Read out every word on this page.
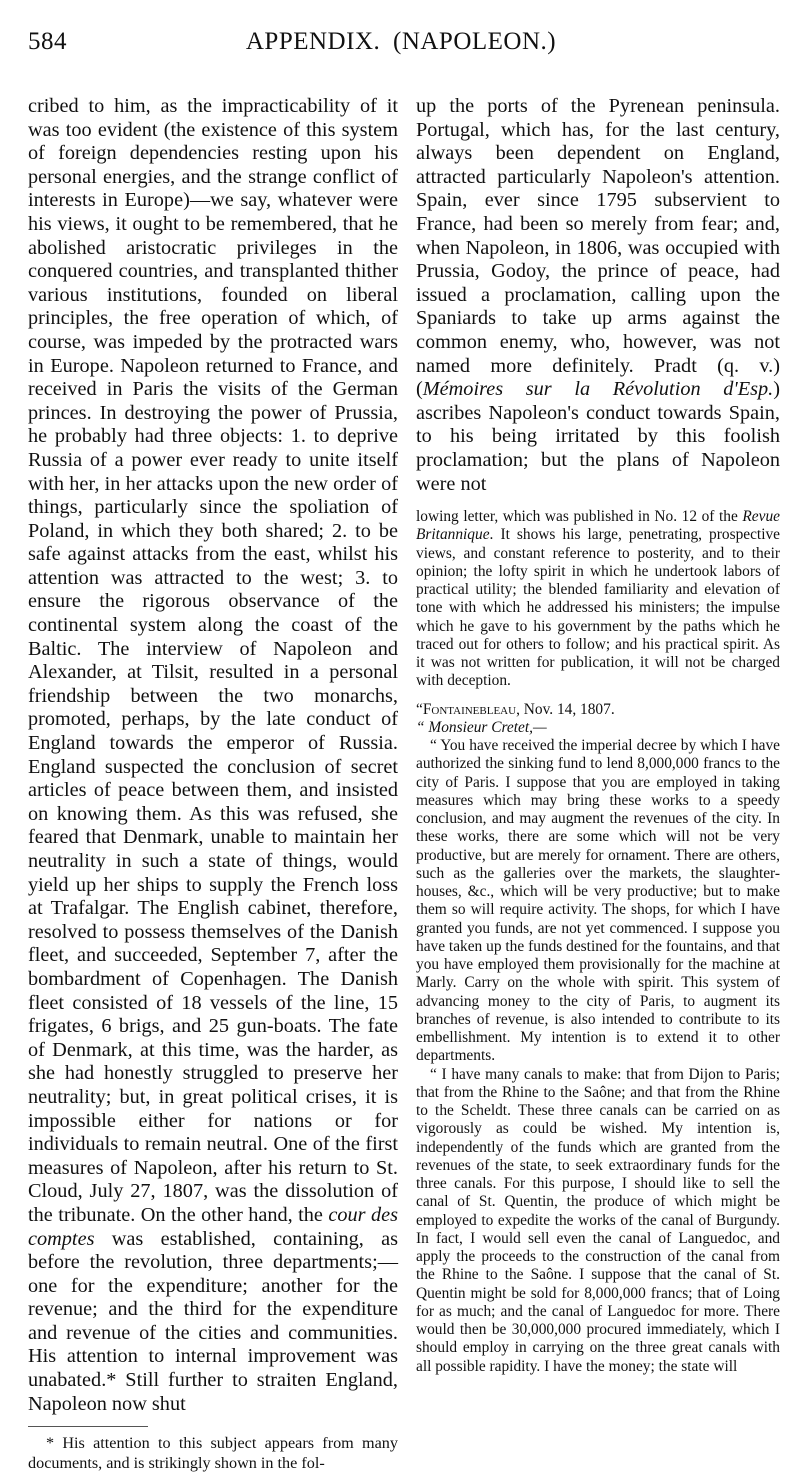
584	APPENDIX. (NAPOLEON.)

cribed to him, as the impracticability of it was too evident (the existence of this system of foreign dependencies resting upon his personal energies, and the strange conflict of interests in Europe)—we say, whatever were his views, it ought to be remembered, that he abolished aristocratic privileges in the conquered countries, and transplanted thither various institutions, founded on liberal principles, the free operation of which, of course, was impeded by the protracted wars in Europe. Napoleon returned to France, and received in Paris the visits of the German princes. In destroying the power of Prussia, he probably had three objects: 1. to deprive Russia of a power ever ready to unite itself with her, in her attacks upon the new order of things, particularly since the spoliation of Poland, in which they both shared; 2. to be safe against attacks from the east, whilst his attention was attracted to the west; 3. to ensure the rigorous observance of the continental system along the coast of the Baltic. The interview of Napoleon and Alexander, at Tilsit, resulted in a personal friendship between the two monarchs, promoted, perhaps, by the late conduct of England towards the emperor of Russia. England suspected the conclusion of secret articles of peace between them, and insisted on knowing them. As this was refused, she feared that Denmark, unable to maintain her neutrality in such a state of things, would yield up her ships to supply the French loss at Trafalgar. The English cabinet, therefore, resolved to possess themselves of the Danish fleet, and succeeded, September 7, after the bombardment of Copenhagen. The Danish fleet consisted of 18 vessels of the line, 15 frigates, 6 brigs, and 25 gun-boats. The fate of Denmark, at this time, was the harder, as she had honestly struggled to preserve her neutrality; but, in great political crises, it is impossible either for nations or for individuals to remain neutral. One of the first measures of Napoleon, after his return to St. Cloud, July 27, 1807, was the dissolution of the tribunate. On the other hand, the cour des comptes was established, containing, as before the revolution, three departments;—one for the expenditure; another for the revenue; and the third for the expenditure and revenue of the cities and communities. His attention to internal improvement was unabated.* Still further to straiten England, Napoleon now shut

* His attention to this subject appears from many documents, and is strikingly shown in the fol-

up the ports of the Pyrenean peninsula. Portugal, which has, for the last century, always been dependent on England, attracted particularly Napoleon's attention. Spain, ever since 1795 subservient to France, had been so merely from fear; and, when Napoleon, in 1806, was occupied with Prussia, Godoy, the prince of peace, had issued a proclamation, calling upon the Spaniards to take up arms against the common enemy, who, however, was not named more definitely. Pradt (q. v.) (Mémoires sur la Révolution d'Esp.) ascribes Napoleon's conduct towards Spain, to his being irritated by this foolish proclamation; but the plans of Napoleon were not

lowing letter, which was published in No. 12 of the Revue Britannique. It shows his large, penetrating, prospective views, and constant reference to posterity, and to their opinion; the lofty spirit in which he undertook labors of practical utility; the blended familiarity and elevation of tone with which he addressed his ministers; the impulse which he gave to his government by the paths which he traced out for others to follow; and his practical spirit. As it was not written for publication, it will not be charged with deception.

“Fontainebleau, Nov. 14, 1807.

“ Monsieur Cretet,—

“ You have received the imperial decree by which I have authorized the sinking fund to lend 8,000,000 francs to the city of Paris. I suppose that you are employed in taking measures which may bring these works to a speedy conclusion, and may augment the revenues of the city. In these works, there are some which will not be very productive, but are merely for ornament. There are others, such as the galleries over the markets, the slaughter-houses, &c., which will be very productive; but to make them so will require activity. The shops, for which I have granted you funds, are not yet commenced. I suppose you have taken up the funds destined for the fountains, and that you have employed them provisionally for the machine at Marly. Carry on the whole with spirit. This system of advancing money to the city of Paris, to augment its branches of revenue, is also intended to contribute to its embellishment. My intention is to extend it to other departments.

“ I have many canals to make: that from Dijon to Paris; that from the Rhine to the Saône; and that from the Rhine to the Scheldt. These three canals can be carried on as vigorously as could be wished. My intention is, independently of the funds which are granted from the revenues of the state, to seek extraordinary funds for the three canals. For this purpose, I should like to sell the canal of St. Quentin, the produce of which might be employed to expedite the works of the canal of Burgundy. In fact, I would sell even the canal of Languedoc, and apply the proceeds to the construction of the canal from the Rhine to the Saône. I suppose that the canal of St. Quentin might be sold for 8,000,000 francs; that of Loing for as much; and the canal of Languedoc for more. There would then be 30,000,000 procured immediately, which I should employ in carrying on the three great canals with all possible rapidity. I have the money; the state will
